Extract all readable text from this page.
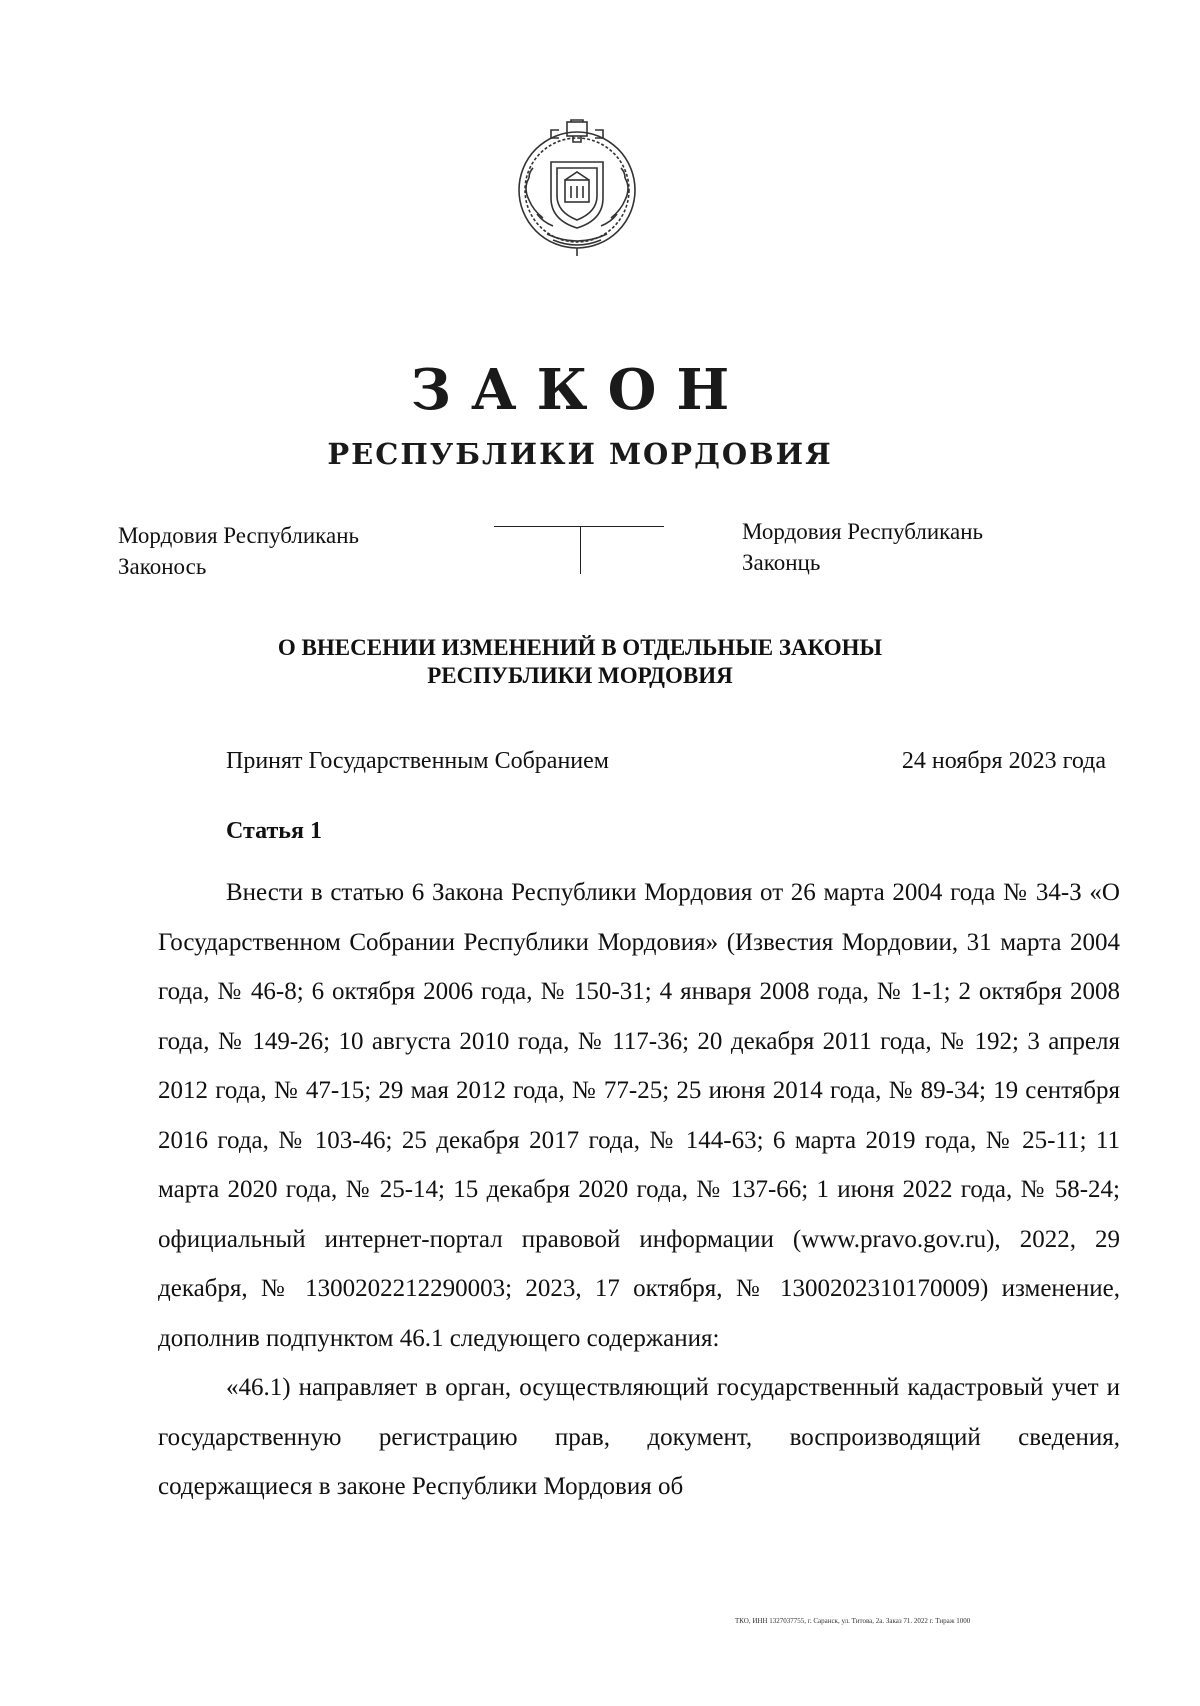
ЗАКОН
РЕСПУБЛИКИ МОРДОВИЯ
Мордовия Республикань
Законось
Мордовия Республикань
Законць
О ВНЕСЕНИИ ИЗМЕНЕНИЙ В ОТДЕЛЬНЫЕ ЗАКОНЫ
РЕСПУБЛИКИ МОРДОВИЯ
Принят Государственным Собранием	24 ноября 2023 года
Статья 1

Внести в статью 6 Закона Республики Мордовия от 26 марта 2004 года № 34-З «О Государственном Собрании Республики Мордовия» (Известия Мордовии, 31 марта 2004 года, № 46-8; 6 октября 2006 года, № 150-31; 4 января 2008 года, № 1-1; 2 октября 2008 года, № 149-26; 10 августа 2010 года, № 117-36; 20 декабря 2011 года, № 192; 3 апреля 2012 года, № 47-15; 29 мая 2012 года, № 77-25; 25 июня 2014 года, № 89-34; 19 сентября 2016 года, № 103-46; 25 декабря 2017 года, № 144-63; 6 марта 2019 года, № 25-11; 11 марта 2020 года, № 25-14; 15 декабря 2020 года, № 137-66; 1 июня 2022 года, № 58-24; официальный интернет-портал правовой информации (www.pravo.gov.ru), 2022, 29 декабря, № 1300202212290003; 2023, 17 октября, № 1300202310170009) изменение, дополнив подпунктом 46.1 следующего содержания:

«46.1) направляет в орган, осуществляющий государственный кадастровый учет и государственную регистрацию прав, документ, воспроизводящий сведения, содержащиеся в законе Республики Мордовия об

ТКО, ИНН 1327037755, г. Саранск, ул. Титова, 2а. Заказ 71. 2022 г. Тираж 1000
